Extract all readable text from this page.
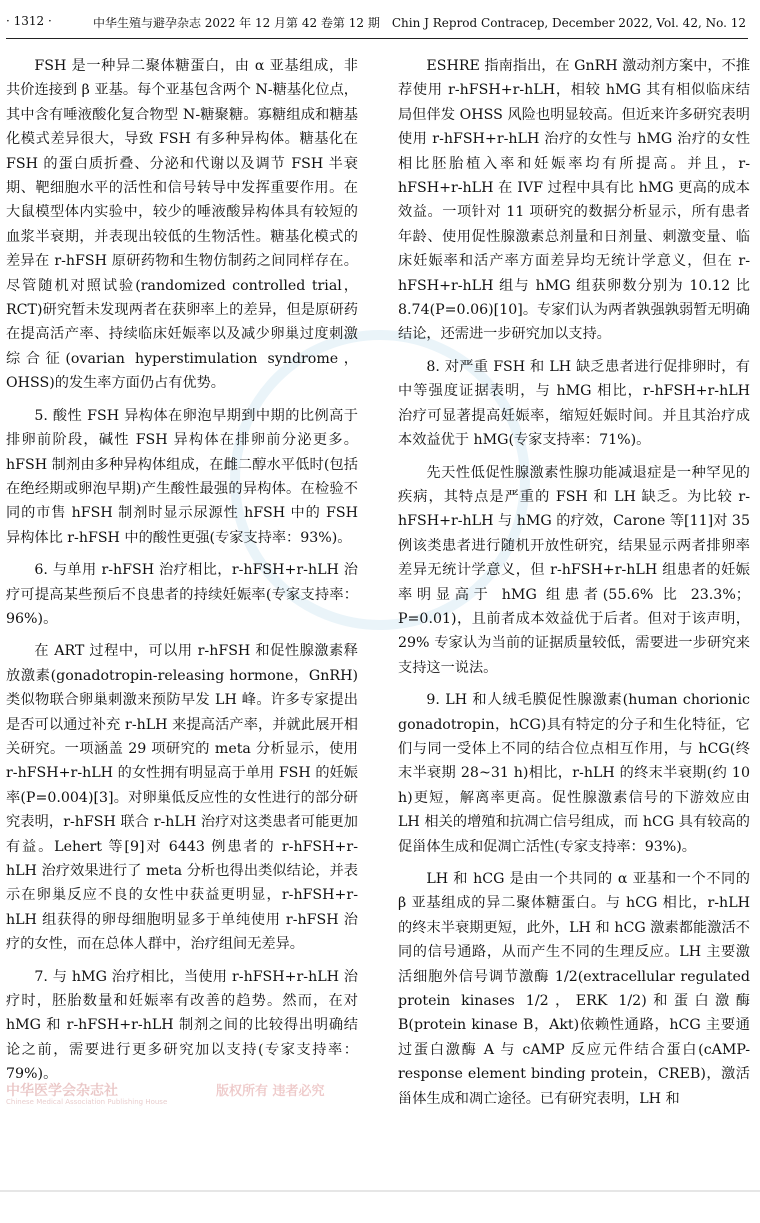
· 1312 ·	中华生殖与避孕杂志 2022 年 12 月第 42 卷第 12 期　Chin J Reprod Contracep, December 2022, Vol. 42, No. 12

FSH 是一种异二聚体糖蛋白，由 α 亚基组成，非共价连接到 β 亚基。每个亚基包含两个 N-糖基化位点，其中含有唾液酸化复合物型 N-糖聚糖。寡糖组成和糖基化模式差异很大，导致 FSH 有多种异构体。糖基化在 FSH 的蛋白质折叠、分泌和代谢以及调节 FSH 半衰期、靶细胞水平的活性和信号转导中发挥重要作用。在大鼠模型体内实验中，较少的唾液酸异构体具有较短的血浆半衰期，并表现出较低的生物活性。糖基化模式的差异在 r-hFSH 原研药物和生物仿制药之间同样存在。尽管随机对照试验(randomized controlled trial，RCT)研究暂未发现两者在获卵率上的差异，但是原研药在提高活产率、持续临床妊娠率以及减少卵巢过度刺激综合征(ovarian hyperstimulation syndrome，OHSS)的发生率方面仍占有优势。

5. 酸性 FSH 异构体在卵泡早期到中期的比例高于排卵前阶段，碱性 FSH 异构体在排卵前分泌更多。hFSH 制剂由多种异构体组成，在雌二醇水平低时(包括在绝经期或卵泡早期)产生酸性最强的异构体。在检验不同的市售 hFSH 制剂时显示尿源性 hFSH 中的 FSH 异构体比 r-hFSH 中的酸性更强(专家支持率：93%)。

6. 与单用 r-hFSH 治疗相比，r-hFSH+r-hLH 治疗可提高某些预后不良患者的持续妊娠率(专家支持率：96%)。

在 ART 过程中，可以用 r-hFSH 和促性腺激素释放激素(gonadotropin-releasing hormone，GnRH)类似物联合卵巢刺激来预防早发 LH 峰。许多专家提出是否可以通过补充 r-hLH 来提高活产率，并就此展开相关研究。一项涵盖 29 项研究的 meta 分析显示，使用 r-hFSH+r-hLH 的女性拥有明显高于单用 FSH 的妊娠率(P=0.004)[3]。对卵巢低反应性的女性进行的部分研究表明，r-hFSH 联合 r-hLH 治疗对这类患者可能更加有益。Lehert 等[9]对 6443 例患者的 r-hFSH+r-hLH 治疗效果进行了 meta 分析也得出类似结论，并表示在卵巢反应不良的女性中获益更明显，r-hFSH+r-hLH 组获得的卵母细胞明显多于单纯使用 r-hFSH 治疗的女性，而在总体人群中，治疗组间无差异。

7. 与 hMG 治疗相比，当使用 r-hFSH+r-hLH 治疗时，胚胎数量和妊娠率有改善的趋势。然而，在对 hMG 和 r-hFSH+r-hLH 制剂之间的比较得出明确结论之前，需要进行更多研究加以支持(专家支持率：79%)。

ESHRE 指南指出，在 GnRH 激动剂方案中，不推荐使用 r-hFSH+r-hLH，相较 hMG 其有相似临床结局但伴发 OHSS 风险也明显较高。但近来许多研究表明使用 r-hFSH+r-hLH 治疗的女性与 hMG 治疗的女性相比胚胎植入率和妊娠率均有所提高。并且，r-hFSH+r-hLH 在 IVF 过程中具有比 hMG 更高的成本效益。一项针对 11 项研究的数据分析显示，所有患者年龄、使用促性腺激素总剂量和日剂量、刺激变量、临床妊娠率和活产率方面差异均无统计学意义，但在 r-hFSH+r-hLH 组与 hMG 组获卵数分别为 10.12 比 8.74(P=0.06)[10]。专家们认为两者孰强孰弱暂无明确结论，还需进一步研究加以支持。

8. 对严重 FSH 和 LH 缺乏患者进行促排卵时，有中等强度证据表明，与 hMG 相比，r-hFSH+r-hLH 治疗可显著提高妊娠率，缩短妊娠时间。并且其治疗成本效益优于 hMG(专家支持率：71%)。

先天性低促性腺激素性腺功能减退症是一种罕见的疾病，其特点是严重的 FSH 和 LH 缺乏。为比较 r-hFSH+r-hLH 与 hMG 的疗效，Carone 等[11]对 35 例该类患者进行随机开放性研究，结果显示两者排卵率差异无统计学意义，但 r-hFSH+r-hLH 组患者的妊娠率明显高于 hMG 组患者(55.6% 比 23.3%；P=0.01)，且前者成本效益优于后者。但对于该声明，29% 专家认为当前的证据质量较低，需要进一步研究来支持这一说法。

9. LH 和人绒毛膜促性腺激素(human chorionic gonadotropin，hCG)具有特定的分子和生化特征，它们与同一受体上不同的结合位点相互作用，与 hCG(终末半衰期 28~31 h)相比，r-hLH 的终末半衰期(约 10 h)更短，解离率更高。促性腺激素信号的下游效应由 LH 相关的增殖和抗凋亡信号组成，而 hCG 具有较高的促甾体生成和促凋亡活性(专家支持率：93%)。

LH 和 hCG 是由一个共同的 α 亚基和一个不同的 β 亚基组成的异二聚体糖蛋白。与 hCG 相比，r-hLH 的终末半衰期更短，此外，LH 和 hCG 激素都能激活不同的信号通路，从而产生不同的生理反应。LH 主要激活细胞外信号调节激酶 1/2(extracellular regulated protein kinases 1/2，ERK 1/2)和蛋白激酶 B(protein kinase B，Akt)依赖性通路，hCG 主要通过蛋白激酶 A 与 cAMP 反应元件结合蛋白(cAMP-response element binding protein，CREB)，激活甾体生成和凋亡途径。已有研究表明，LH 和

中华医学会杂志社	版权所有 违者必究
Chinese Medical Association Publishing House
